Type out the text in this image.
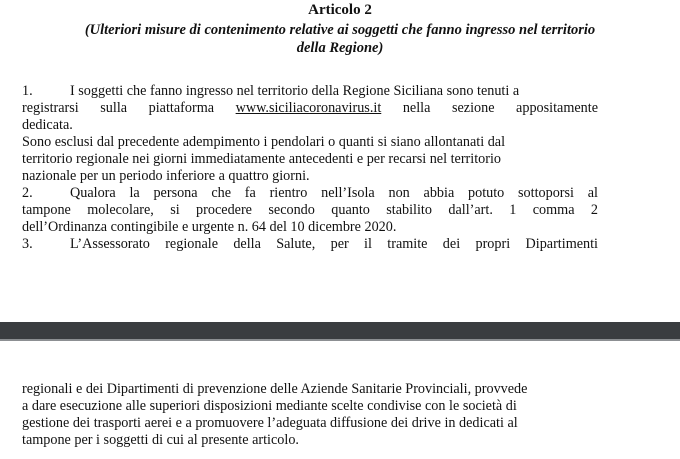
Articolo 2
(Ulteriori misure di contenimento relative ai soggetti che fanno ingresso nel territorio
della Regione)
1.	I soggetti che fanno ingresso nel territorio della Regione Siciliana sono tenuti a
registrarsi sulla piattaforma www.siciliacoronavirus.it nella sezione appositamente
dedicata.
Sono esclusi dal precedente adempimento i pendolari o quanti si siano allontanati dal
territorio regionale nei giorni immediatamente antecedenti e per recarsi nel territorio
nazionale per un periodo inferiore a quattro giorni.
2.	Qualora la persona che fa rientro nell’Isola non abbia potuto sottoporsi al
tampone molecolare, si procedere secondo quanto stabilito dall’art. 1 comma 2
dell’Ordinanza contingibile e urgente n. 64 del 10 dicembre 2020.
3.	L’Assessorato regionale della Salute, per il tramite dei propri Dipartimenti
regionali e dei Dipartimenti di prevenzione delle Aziende Sanitarie Provinciali, provvede
a dare esecuzione alle superiori disposizioni mediante scelte condivise con le società di
gestione dei trasporti aerei e a promuovere l’adeguata diffusione dei drive in dedicati al
tampone per i soggetti di cui al presente articolo.
